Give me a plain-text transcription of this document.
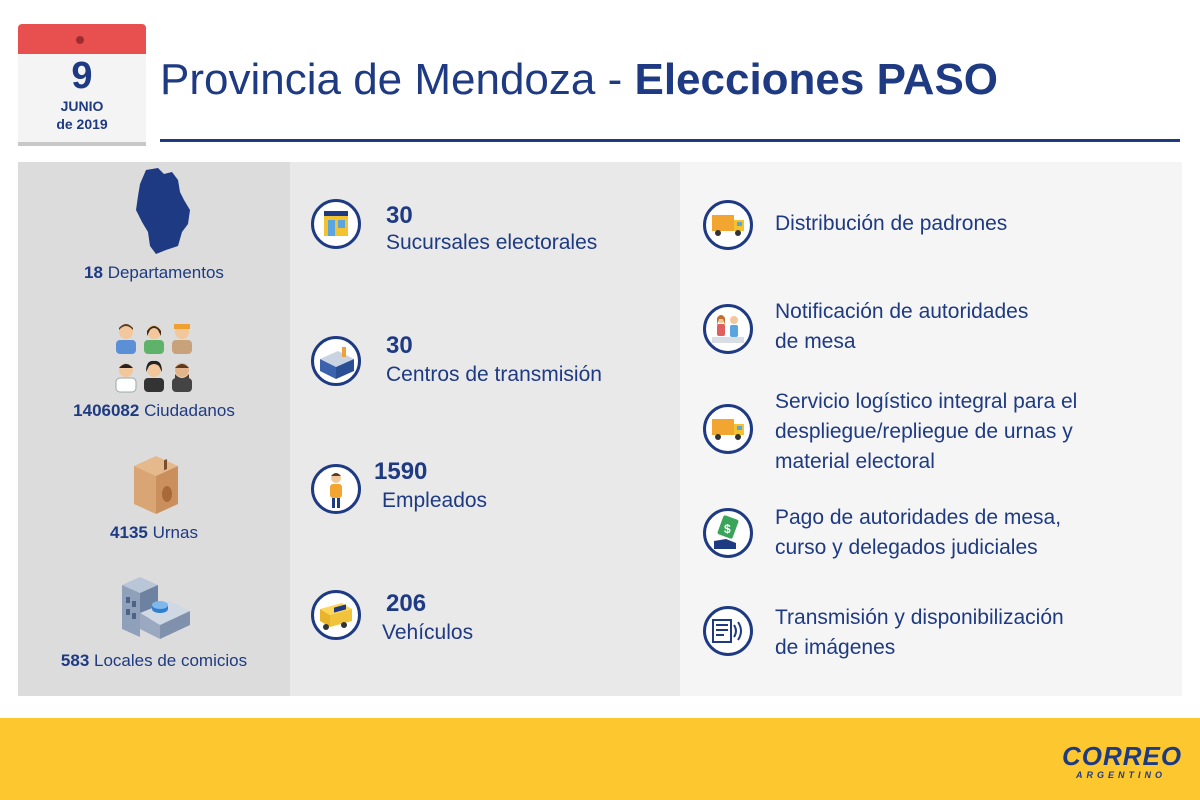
9
JUNIO
de 2019
Provincia de Mendoza - Elecciones PASO
18 Departamentos
1406082 Ciudadanos
4135 Urnas
583 Locales de comicios
30
Sucursales electorales
30
Centros de transmisión
1590
Empleados
206
Vehículos
Distribución de padrones
Notificación de autoridades
de mesa
Servicio logístico integral para el
despliegue/repliegue de urnas y
material electoral
$ Pago de autoridades de mesa,
curso y delegados judiciales
Transmisión y disponibilización
de imágenes
CORREO
ARGENTINO
